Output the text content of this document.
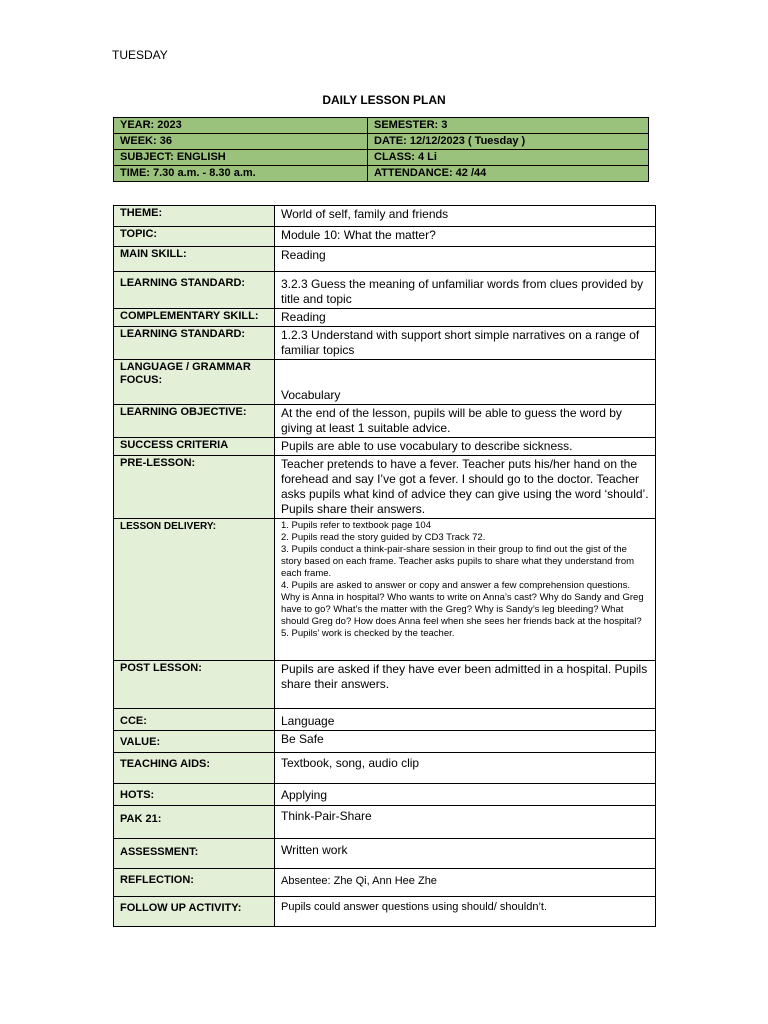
TUESDAY
DAILY LESSON PLAN
YEAR: 2023	SEMESTER: 3
WEEK: 36	DATE: 12/12/2023 ( Tuesday )
SUBJECT: ENGLISH	CLASS: 4 Li
TIME: 7.30 a.m. - 8.30 a.m.	ATTENDANCE: 42 /44
THEME:	World of self, family and friends
TOPIC:	Module 10: What the matter?
MAIN SKILL:	Reading
LEARNING STANDARD:	3.2.3 Guess the meaning of unfamiliar words from clues provided by title and topic
COMPLEMENTARY SKILL:	Reading
LEARNING STANDARD:	1.2.3 Understand with support short simple narratives on a range of familiar topics
LANGUAGE / GRAMMAR FOCUS:	Vocabulary
LEARNING OBJECTIVE:	At the end of the lesson, pupils will be able to guess the word by giving at least 1 suitable advice.
SUCCESS CRITERIA	Pupils are able to use vocabulary to describe sickness.
PRE-LESSON:	Teacher pretends to have a fever. Teacher puts his/her hand on the forehead and say I’ve got a fever. I should go to the doctor. Teacher asks pupils what kind of advice they can give using the word ‘should’. Pupils share their answers.
LESSON DELIVERY:	1. Pupils refer to textbook page 104
2. Pupils read the story guided by CD3 Track 72.
3. Pupils conduct a think-pair-share session in their group to find out the gist of the story based on each frame. Teacher asks pupils to share what they understand from each frame.
4. Pupils are asked to answer or copy and answer a few comprehension questions. Why is Anna in hospital? Who wants to write on Anna’s cast? Why do Sandy and Greg have to go? What’s the matter with the Greg? Why is Sandy’s leg bleeding? What should Greg do? How does Anna feel when she sees her friends back at the hospital?
5. Pupils’ work is checked by the teacher.

POST LESSON:	Pupils are asked if they have ever been admitted in a hospital. Pupils share their answers.
CCE:	Language
VALUE:	Be Safe
TEACHING AIDS:	Textbook, song, audio clip
HOTS:	Applying
PAK 21:	Think-Pair-Share
ASSESSMENT:	Written work
REFLECTION:	Absentee: Zhe Qi, Ann Hee Zhe
FOLLOW UP ACTIVITY:	Pupils could answer questions using should/ shouldn’t.
